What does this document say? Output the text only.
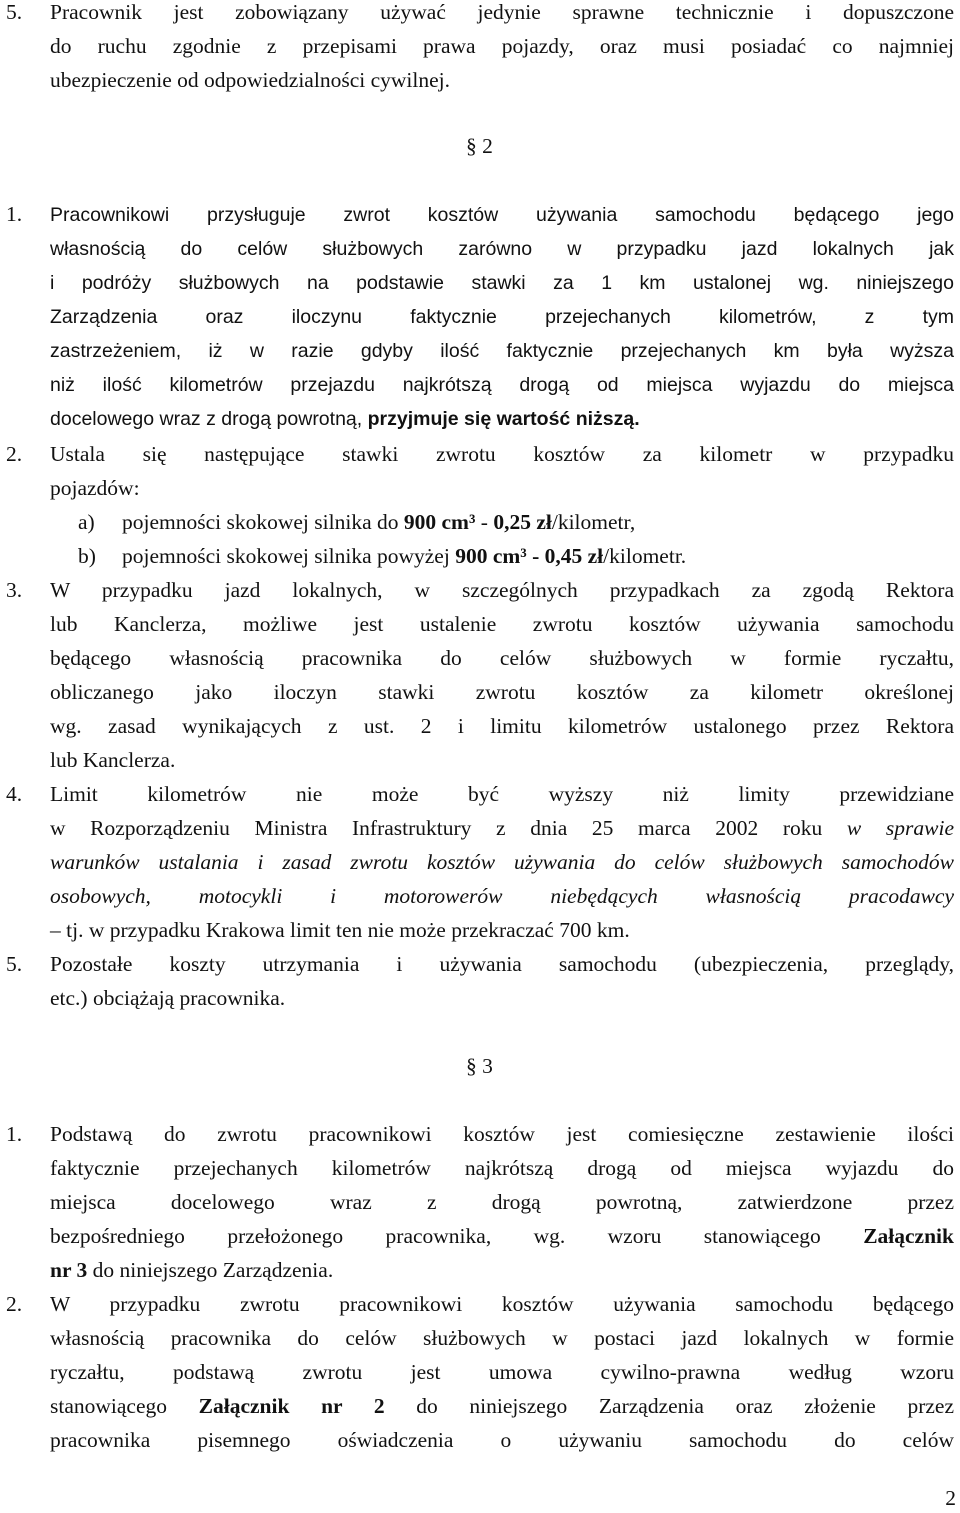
5. Pracownik jest zobowiązany używać jedynie sprawne technicznie i dopuszczone
do ruchu zgodnie z przepisami prawa pojazdy, oraz musi posiadać co najmniej
ubezpieczenie od odpowiedzialności cywilnej.
§ 2
1. Pracownikowi przysługuje zwrot kosztów używania samochodu będącego jego
własnością do celów służbowych zarówno w przypadku jazd lokalnych jak
i podróży służbowych na podstawie stawki za 1 km ustalonej wg. niniejszego
Zarządzenia oraz iloczynu faktycznie przejechanych kilometrów, z tym
zastrzeżeniem, iż w razie gdyby ilość faktycznie przejechanych km była wyższa
niż ilość kilometrów przejazdu najkrótszą drogą od miejsca wyjazdu do miejsca
docelowego wraz z drogą powrotną, przyjmuje się wartość niższą.
2. Ustala się następujące stawki zwrotu kosztów za kilometr w przypadku
pojazdów:
a) pojemności skokowej silnika do 900 cm³ - 0,25 zł/kilometr,
b) pojemności skokowej silnika powyżej 900 cm³ - 0,45 zł/kilometr.
3. W przypadku jazd lokalnych, w szczególnych przypadkach za zgodą Rektora
lub Kanclerza, możliwe jest ustalenie zwrotu kosztów używania samochodu
będącego własnością pracownika do celów służbowych w formie ryczałtu,
obliczanego jako iloczyn stawki zwrotu kosztów za kilometr określonej
wg. zasad wynikających z ust. 2 i limitu kilometrów ustalonego przez Rektora
lub Kanclerza.
4. Limit kilometrów nie może być wyższy niż limity przewidziane
w Rozporządzeniu Ministra Infrastruktury z dnia 25 marca 2002 roku w sprawie
warunków ustalania i zasad zwrotu kosztów używania do celów służbowych samochodów
osobowych, motocykli i motorowerów niebędących własnością pracodawcy
– tj. w przypadku Krakowa limit ten nie może przekraczać 700 km.
5. Pozostałe koszty utrzymania i używania samochodu (ubezpieczenia, przeglądy,
etc.) obciążają pracownika.
§ 3
1. Podstawą do zwrotu pracownikowi kosztów jest comiesięczne zestawienie ilości
faktycznie przejechanych kilometrów najkrótszą drogą od miejsca wyjazdu do
miejsca docelowego wraz z drogą powrotną, zatwierdzone przez
bezpośredniego przełożonego pracownika, wg. wzoru stanowiącego Załącznik
nr 3 do niniejszego Zarządzenia.
2. W przypadku zwrotu pracownikowi kosztów używania samochodu będącego
własnością pracownika do celów służbowych w postaci jazd lokalnych w formie
ryczałtu, podstawą zwrotu jest umowa cywilno-prawna według wzoru
stanowiącego Załącznik nr 2 do niniejszego Zarządzenia oraz złożenie przez
pracownika pisemnego oświadczenia o używaniu samochodu do celów
2
